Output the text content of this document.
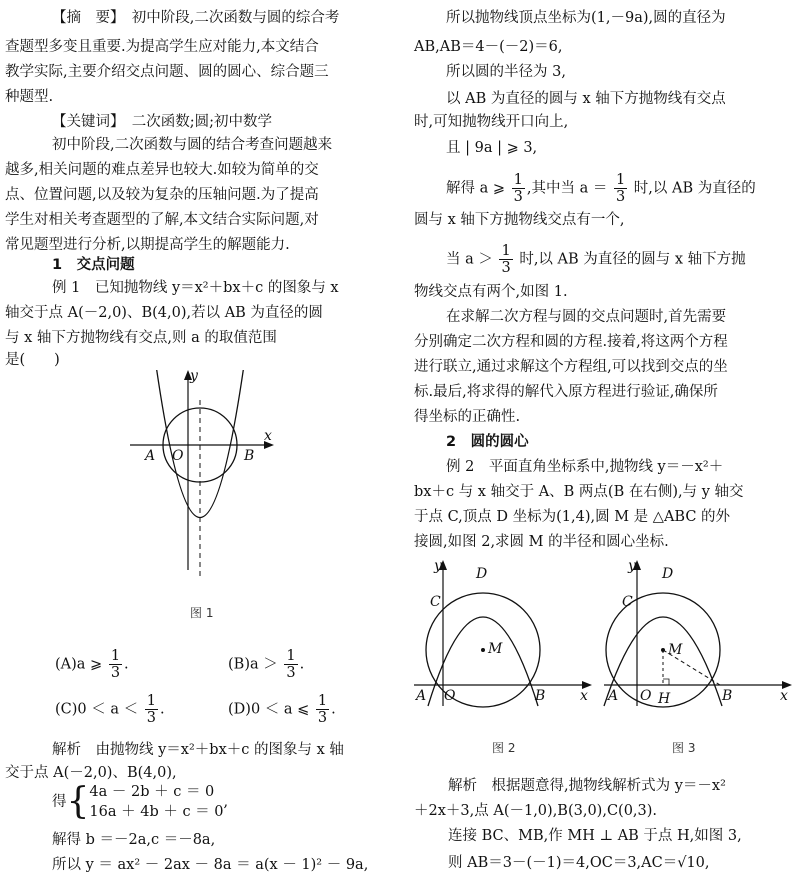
【摘　要】　初中阶段,二次函数与圆的综合考
查题型多变且重要.为提高学生应对能力,本文结合
教学实际,主要介绍交点问题、圆的圆心、综合题三
种题型.
【关键词】　二次函数;圆;初中数学
初中阶段,二次函数与圆的结合考查问题越来
越多,相关问题的难点差异也较大.如较为简单的交
点、位置问题,以及较为复杂的压轴问题.为了提高
学生对相关考查题型的了解,本文结合实际问题,对
常见题型进行分析,以期提高学生的解题能力.
1　交点问题
例 1　已知抛物线 y＝x²＋bx＋c 的图象与 x
轴交于点 A(－2,0)、B(4,0),若以 AB 为直径的圆
与 x 轴下方抛物线有交点,则 a 的取值范围
是(　　)
y
x
A O	B
图 1
(A)a ⩾ $\frac{1}{3}$ .	$(B)a > \frac{1}{3}$ .
$(C)0 < a < \frac{1}{3}$ .	(D)0 ＜ a ⩽ $\frac{1}{3}$ .
解析　由抛物线 y＝x²＋bx＋c 的图象与 x 轴
交于点 A(－2,0)、B(4,0),
得{ 4a － 2b ＋ c ＝ 0
16a ＋ 4b ＋ c ＝ 0
,
解得 b ＝－2a,c ＝－8a,
所以 y ＝ ax² － 2ax － 8a ＝ a(x － 1)² － 9a,
所以抛物线顶点坐标为(1,－9a),圆的直径为
AB,AB＝4－(－2)＝6,
所以圆的半径为 3,
以 AB 为直径的圆与 x 轴下方抛物线有交点
时,可知抛物线开口向上,
且 | 9a | ⩾ 3,
解得 a ⩾ $\frac{1}{3}$ ,其中当 $a = \frac{1}{3}$ 时,以 AB 为直径的
圆与 x 轴下方抛物线交点有一个,
当 $a > \frac{1}{3}$ 时,以 AB 为直径的圆与 x 轴下方抛
物线交点有两个,如图 1.
在求解二次方程与圆的交点问题时,首先需要
分别确定二次方程和圆的方程.接着,将这两个方程
进行联立,通过求解这个方程组,可以找到交点的坐
标.最后,将求得的解代入原方程进行验证,确保所
得坐标的正确性.
2　圆的圆心
例 2　平面直角坐标系中,抛物线 y＝－x²＋
bx＋c 与 x 轴交于 A、B 两点(B 在右侧),与 y 轴交
于点 C,顶点 D 坐标为(1,4),圆 M 是 △ABC 的外
接圆,如图 2,求圆 M 的半径和圆心坐标.
y
x
A O	B
C
D
M
图 2
y
x
A O H	B
C
D
M
图 3
解析　根据题意得,抛物线解析式为 y＝－x²
＋2x＋3,点 A(－1,0),B(3,0),C(0,3).
连接 BC、MB,作 MH ⊥ AB 于点 H,如图 3,
则 AB＝3－(－1)＝4,OC＝3,AC＝√10,
